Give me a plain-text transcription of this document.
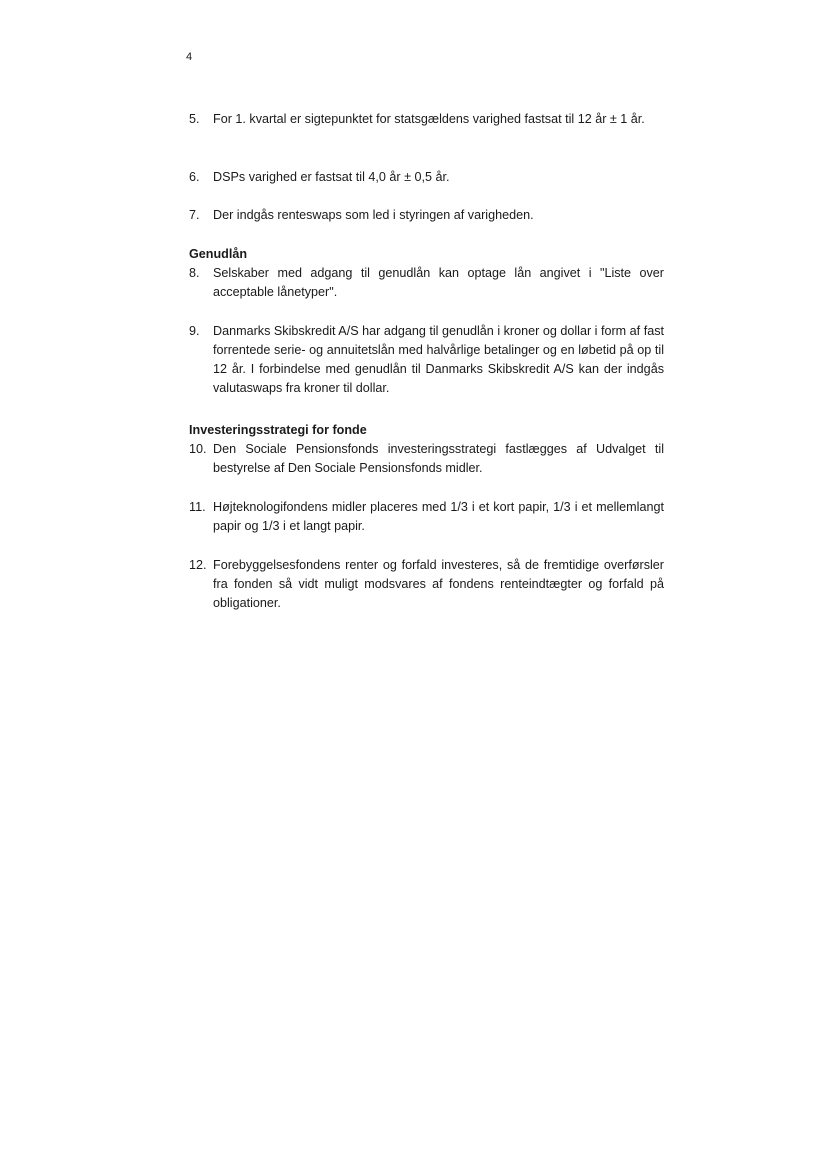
4
5. For 1. kvartal er sigtepunktet for statsgældens varighed fastsat til 12 år ± 1 år.
6. DSPs varighed er fastsat til 4,0 år ± 0,5 år.
7. Der indgås renteswaps som led i styringen af varigheden.
Genudlån
8. Selskaber med adgang til genudlån kan optage lån angivet i "Liste over acceptable lånetyper".
9. Danmarks Skibskredit A/S har adgang til genudlån i kroner og dollar i form af fast forrentede serie- og annuitetslån med halvårlige betalinger og en løbetid på op til 12 år. I forbindelse med genudlån til Danmarks Skibskredit A/S kan der indgås valutaswaps fra kroner til dollar.
Investeringsstrategi for fonde
10. Den Sociale Pensionsfonds investeringsstrategi fastlægges af Udvalget til bestyrelse af Den Sociale Pensionsfonds midler.
11. Højteknologifondens midler placeres med 1/3 i et kort papir, 1/3 i et mellemlangt papir og 1/3 i et langt papir.
12. Forebyggelsesfondens renter og forfald investeres, så de fremtidige overførsler fra fonden så vidt muligt modsvares af fondens renteindtægter og forfald på obligationer.
